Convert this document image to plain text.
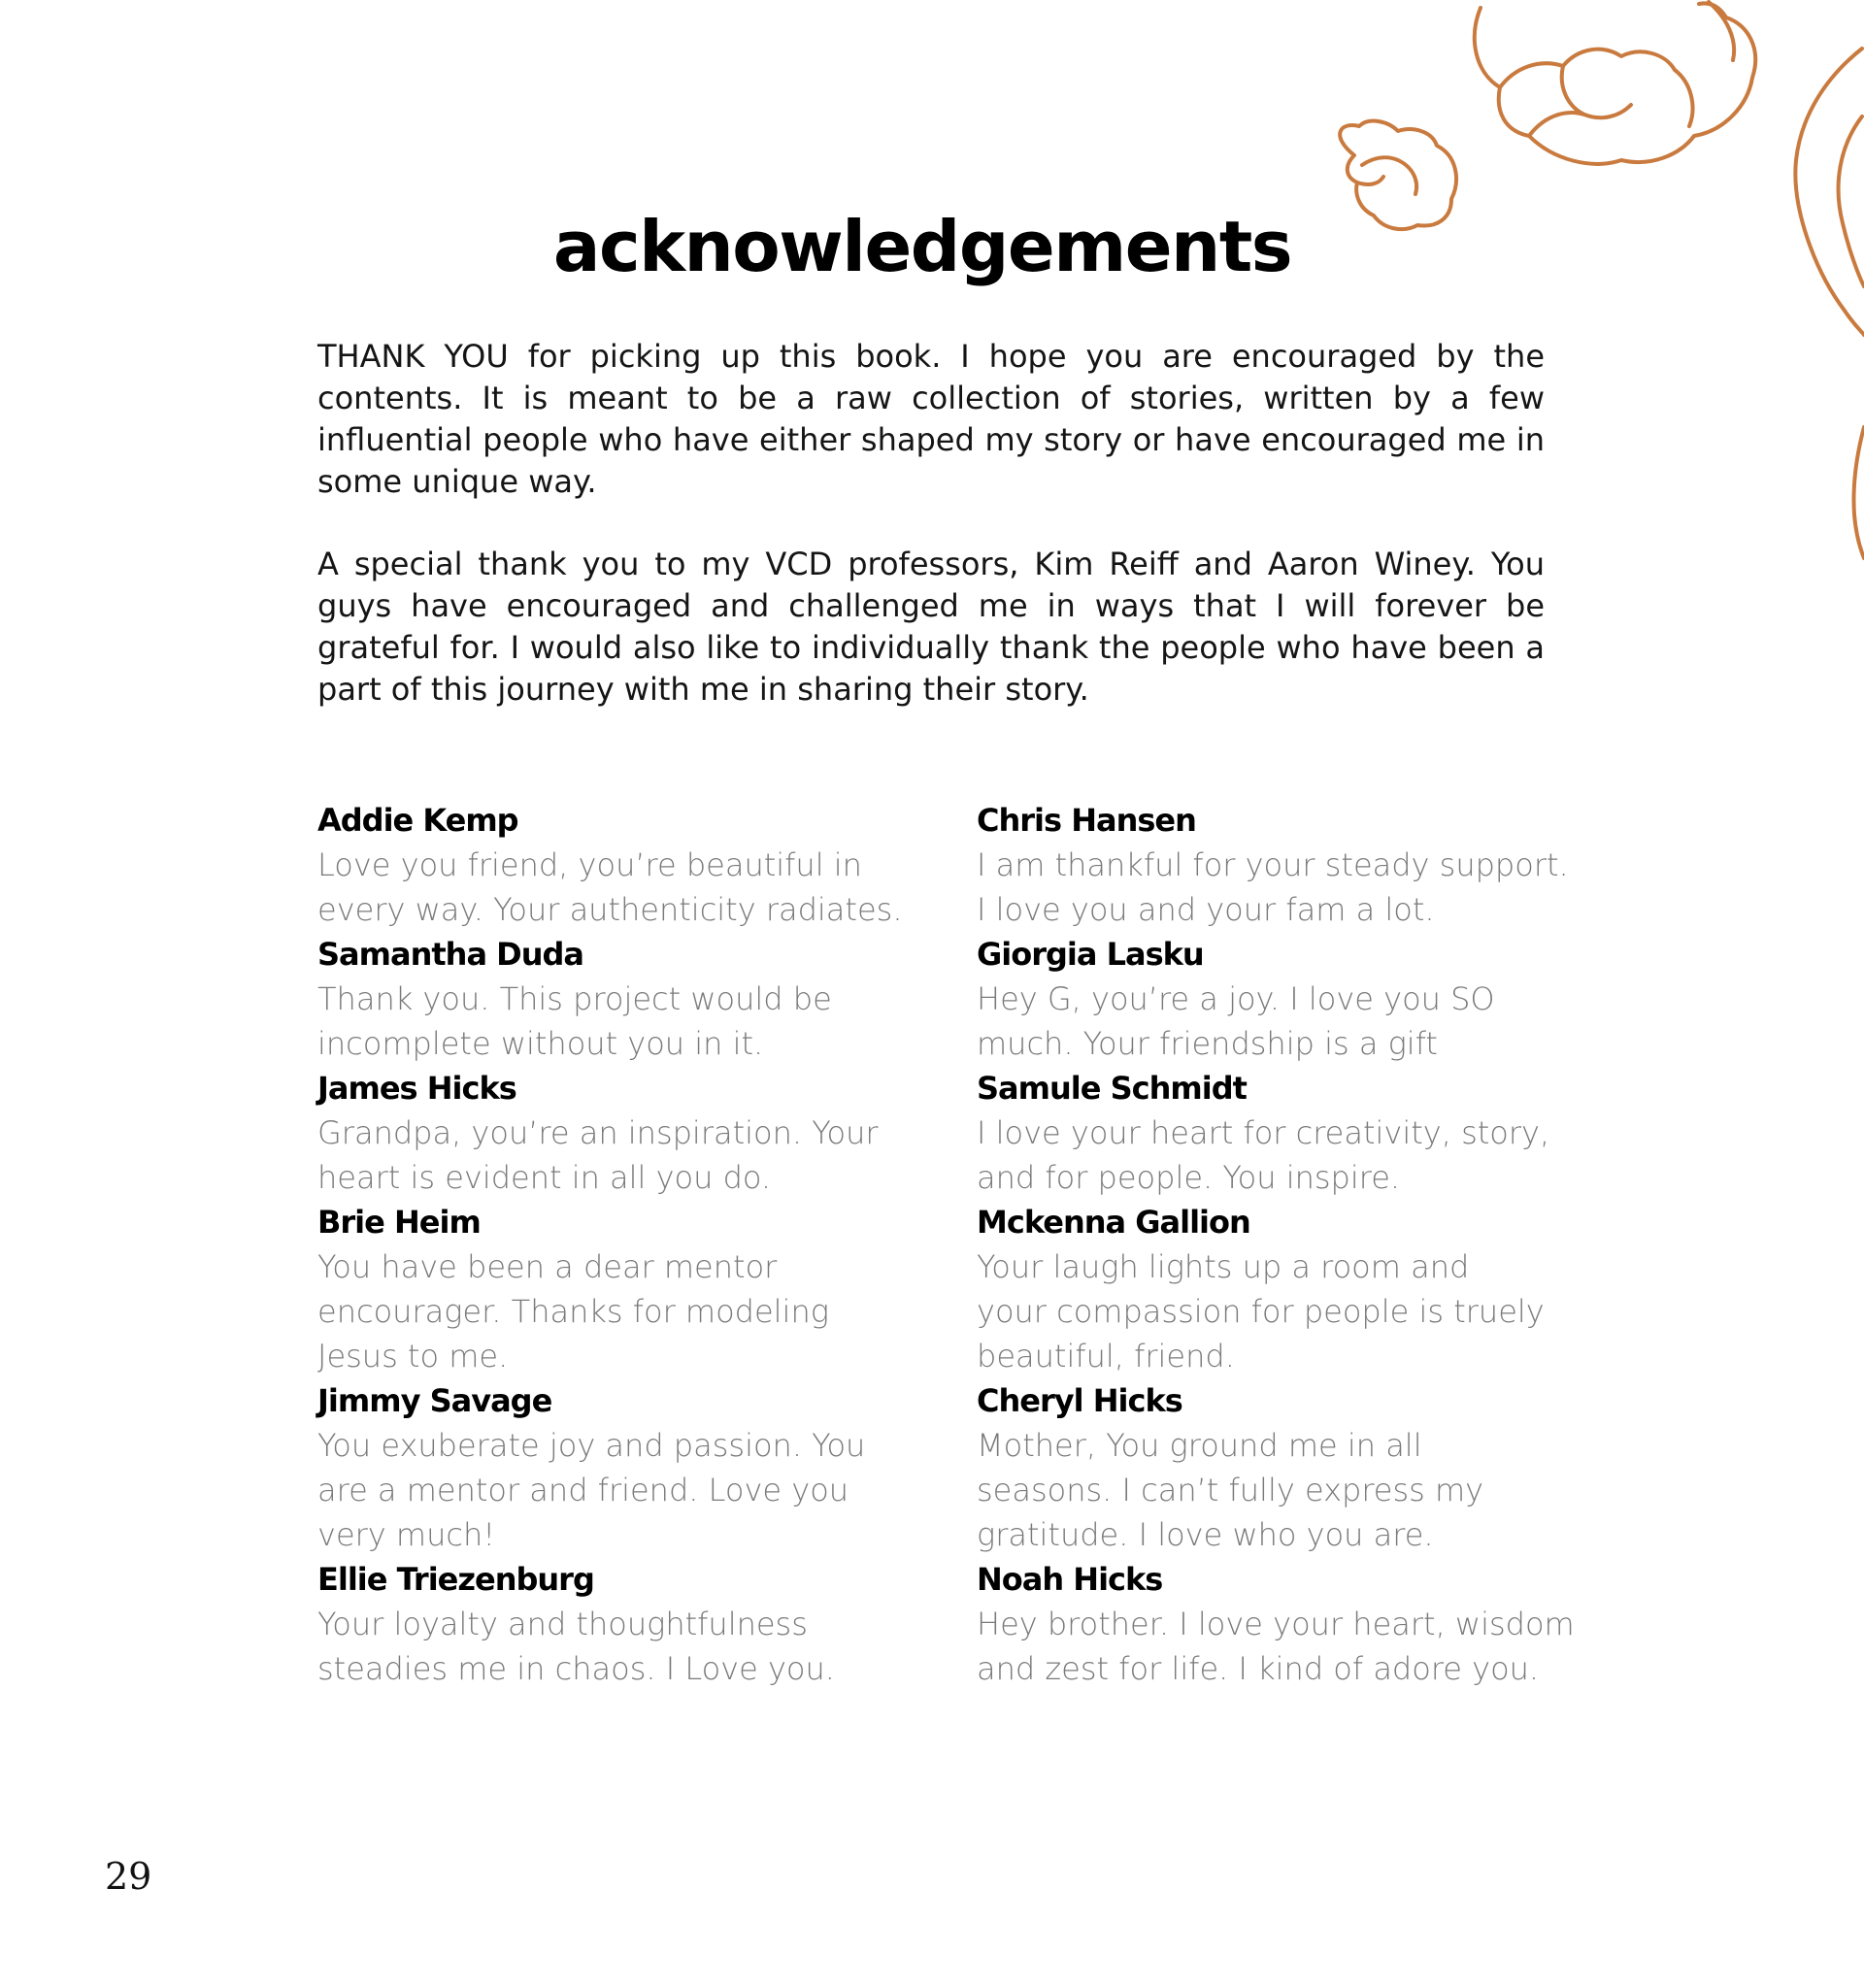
acknowledgements

THANK YOU for picking up this book. I hope you are encouraged by the contents. It is meant to be a raw collection of stories, written by a few influential people who have either shaped my story or have encouraged me in some unique way.

A special thank you to my VCD professors, Kim Reiff and Aaron Winey. You guys have encouraged and challenged me in ways that I will forever be grateful for. I would also like to individually thank the people who have been a part of this journey with me in sharing their story.

Addie Kemp
Love you friend, you’re beautiful in
every way. Your authenticity radiates.
Samantha Duda
Thank you. This project would be
incomplete without you in it.
James Hicks
Grandpa, you’re an inspiration. Your
heart is evident in all you do.
Brie Heim
You have been a dear mentor
encourager. Thanks for modeling
Jesus to me.
Jimmy Savage
You exuberate joy and passion. You
are a mentor and friend. Love you
very much!
Ellie Triezenburg
Your loyalty and thoughtfulness
steadies me in chaos. I Love you.
Chris Hansen
I am thankful for your steady support.
I love you and your fam a lot.
Giorgia Lasku
Hey G, you’re a joy. I love you SO
much. Your friendship is a gift
Samule Schmidt
I love your heart for creativity, story,
and for people. You inspire.
Mckenna Gallion
Your laugh lights up a room and
your compassion for people is truely
beautiful, friend.
Cheryl Hicks
Mother, You ground me in all
seasons. I can’t fully express my
gratitude. I love who you are.
Noah Hicks
Hey brother. I love your heart, wisdom
and zest for life. I kind of adore you.
29
